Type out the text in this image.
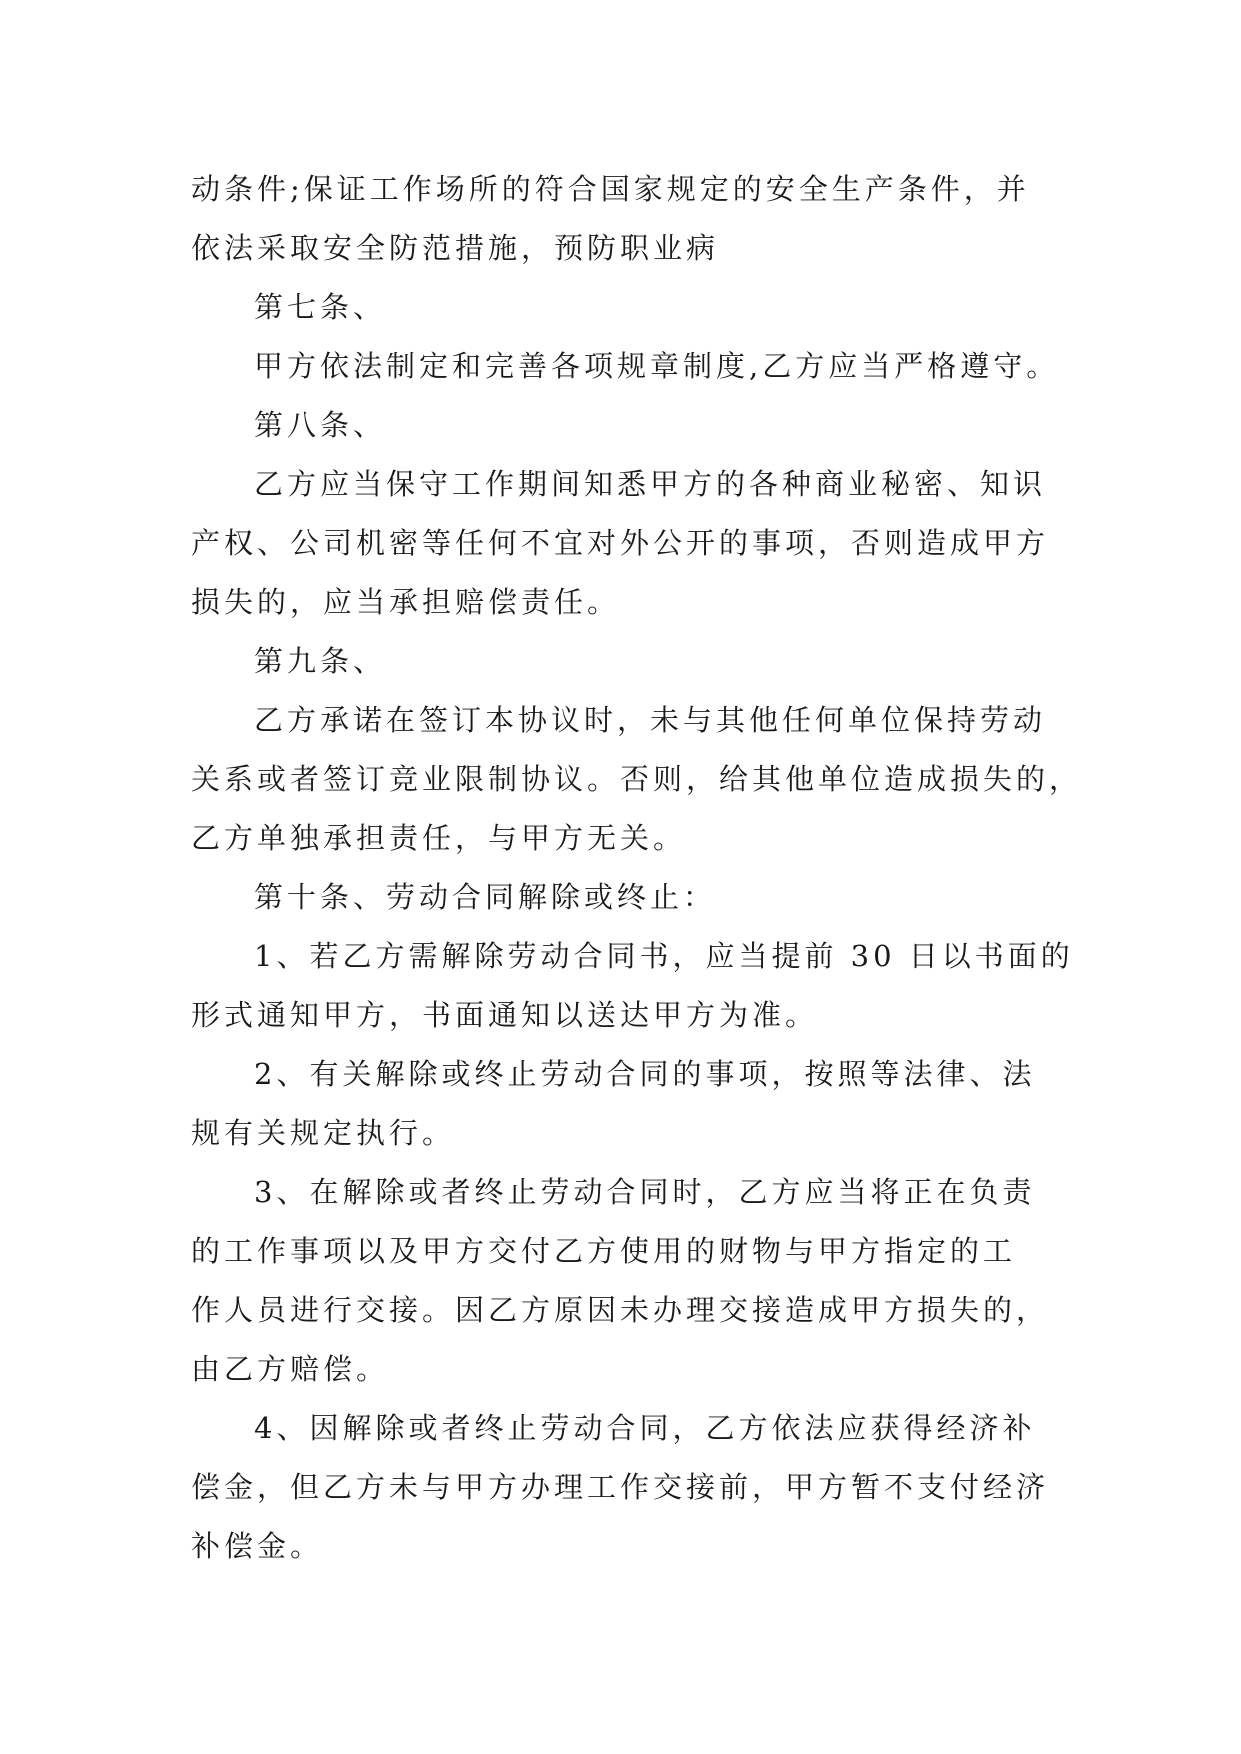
动条件;保证工作场所的符合国家规定的安全生产条件，并
依法采取安全防范措施，预防职业病
第七条、
甲方依法制定和完善各项规章制度,乙方应当严格遵守。
第八条、
乙方应当保守工作期间知悉甲方的各种商业秘密、知识
产权、公司机密等任何不宜对外公开的事项，否则造成甲方
损失的，应当承担赔偿责任。
第九条、
乙方承诺在签订本协议时，未与其他任何单位保持劳动
关系或者签订竞业限制协议。否则，给其他单位造成损失的，
乙方单独承担责任，与甲方无关。
第十条、劳动合同解除或终止：
1、若乙方需解除劳动合同书，应当提前 30 日以书面的
形式通知甲方，书面通知以送达甲方为准。
2、有关解除或终止劳动合同的事项，按照等法律、法
规有关规定执行。
3、在解除或者终止劳动合同时，乙方应当将正在负责
的工作事项以及甲方交付乙方使用的财物与甲方指定的工
作人员进行交接。因乙方原因未办理交接造成甲方损失的，
由乙方赔偿。
4、因解除或者终止劳动合同，乙方依法应获得经济补
偿金，但乙方未与甲方办理工作交接前，甲方暂不支付经济
补偿金。
